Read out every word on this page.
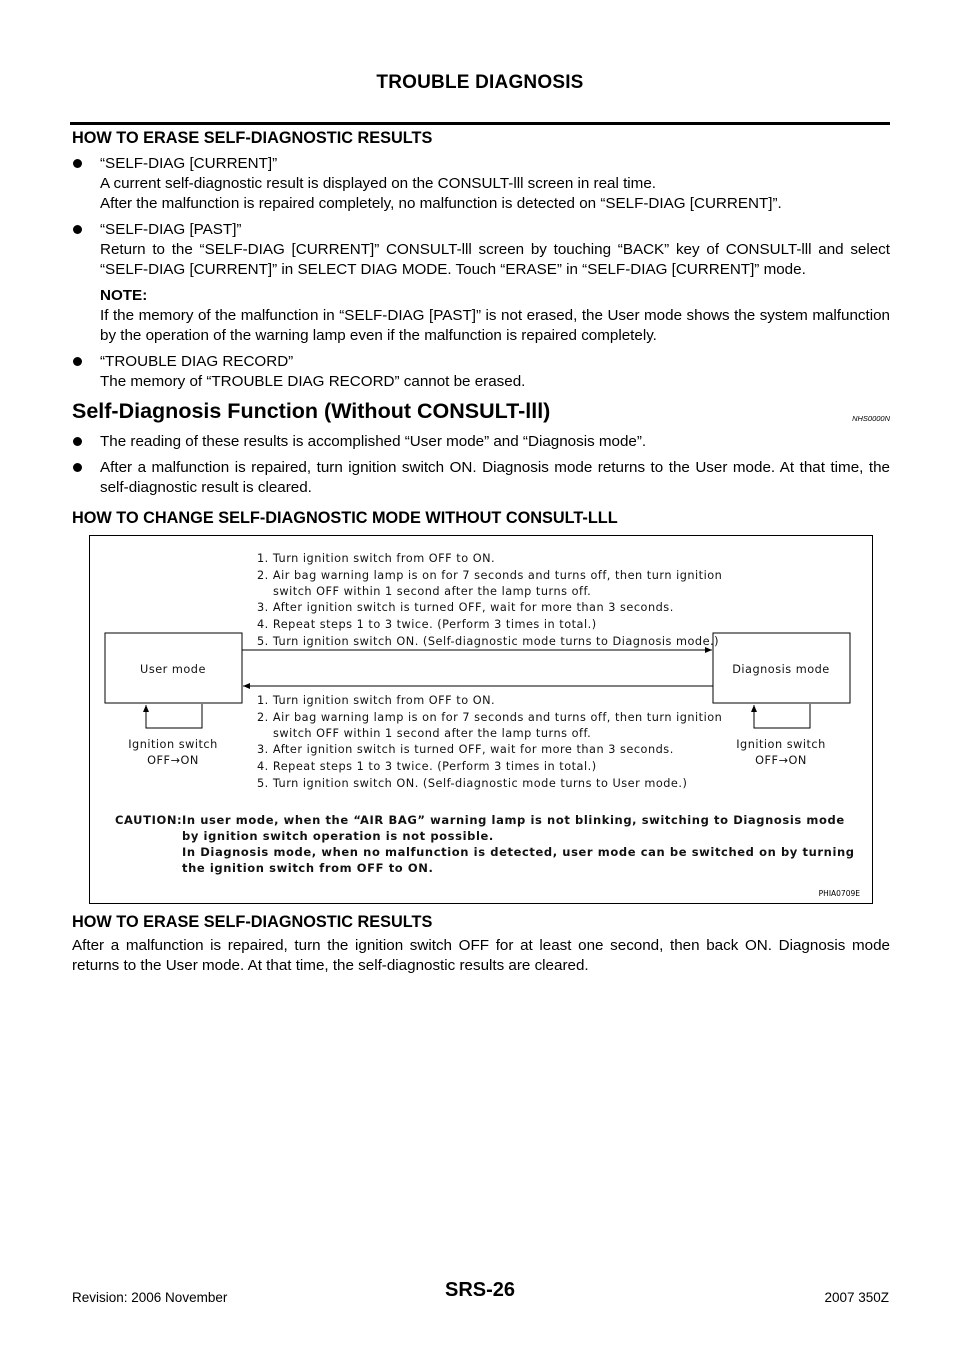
TROUBLE DIAGNOSIS
HOW TO ERASE SELF-DIAGNOSTIC RESULTS
“SELF-DIAG [CURRENT]”
A current self-diagnostic result is displayed on the CONSULT-lll screen in real time.
After the malfunction is repaired completely, no malfunction is detected on “SELF-DIAG [CURRENT]”.
“SELF-DIAG [PAST]”
Return to the “SELF-DIAG [CURRENT]” CONSULT-lll screen by touching “BACK” key of CONSULT-lll and select “SELF-DIAG [CURRENT]” in SELECT DIAG MODE. Touch “ERASE” in “SELF-DIAG [CURRENT]” mode.
NOTE:
If the memory of the malfunction in “SELF-DIAG [PAST]” is not erased, the User mode shows the system malfunction by the operation of the warning lamp even if the malfunction is repaired completely.
“TROUBLE DIAG RECORD”
The memory of “TROUBLE DIAG RECORD” cannot be erased.
Self-Diagnosis Function (Without CONSULT-lll)	NHS0000N
The reading of these results is accomplished “User mode” and “Diagnosis mode”.
After a malfunction is repaired, turn ignition switch ON. Diagnosis mode returns to the User mode. At that time, the self-diagnostic result is cleared.
HOW TO CHANGE SELF-DIAGNOSTIC MODE WITHOUT CONSULT-LLL
User mode	Diagnosis mode
1. Turn ignition switch from OFF to ON.
2. Air bag warning lamp is on for 7 seconds and turns off, then turn ignition
switch OFF within 1 second after the lamp turns off.
3. After ignition switch is turned OFF, wait for more than 3 seconds.
4. Repeat steps 1 to 3 twice. (Perform 3 times in total.)
5. Turn ignition switch ON. (Self-diagnostic mode turns to Diagnosis mode.)
1. Turn ignition switch from OFF to ON.
2. Air bag warning lamp is on for 7 seconds and turns off, then turn ignition
switch OFF within 1 second after the lamp turns off.
3. After ignition switch is turned OFF, wait for more than 3 seconds.
4. Repeat steps 1 to 3 twice. (Perform 3 times in total.)
5. Turn ignition switch ON. (Self-diagnostic mode turns to User mode.)
Ignition switch
OFF→ON
Ignition switch
OFF→ON
CAUTION: In user mode, when the “AIR BAG” warning lamp is not blinking, switching to Diagnosis mode
by ignition switch operation is not possible.
In Diagnosis mode, when no malfunction is detected, user mode can be switched on by turning
the ignition switch from OFF to ON.
PHIA0709E
HOW TO ERASE SELF-DIAGNOSTIC RESULTS

After a malfunction is repaired, turn the ignition switch OFF for at least one second, then back ON. Diagnosis mode returns to the User mode. At that time, the self-diagnostic results are cleared.

Revision: 2006 November	SRS-26	2007 350Z
